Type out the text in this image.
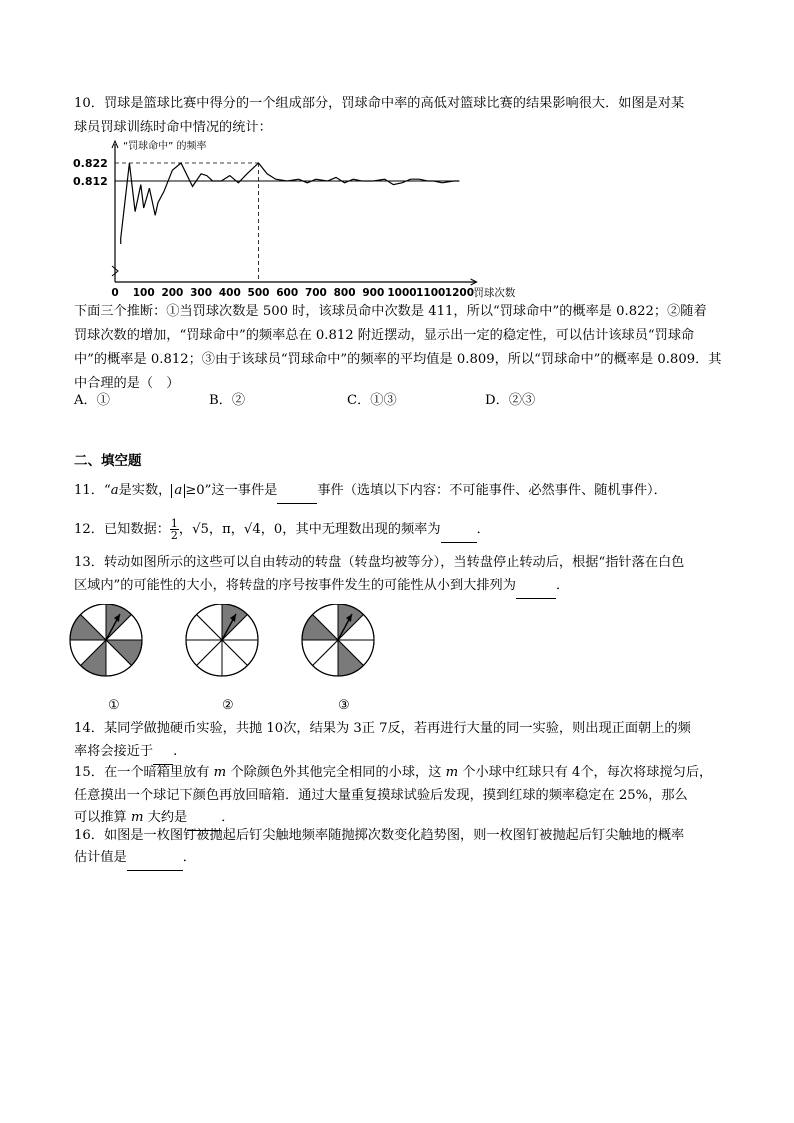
10．罚球是篮球比赛中得分的一个组成部分，罚球命中率的高低对篮球比赛的结果影响很大．如图是对某

球员罚球训练时命中情况的统计：

“罚球命中” 的频率
0.822
0.812
0 100 200 300 400 500 600 700 800 900 1000 1100 1200 罚球次数

下面三个推断：①当罚球次数是 500 时，该球员命中次数是 411，所以“罚球命中”的概率是 0.822；②随着

罚球次数的增加，“罚球命中”的频率总在 0.812 附近摆动，显示出一定的稳定性，可以估计该球员“罚球命

中”的概率是 0.812；③由于该球员“罚球命中”的频率的平均值是 0.809，所以“罚球命中”的概率是 0.809．其

中合理的是（　）

A．①	B．②	C．①③	D．②③
二、填空题

11．“a是实数， a ≥0”这一事件是	事件（选填以下内容：不可能事件、必然事件、随机事件）．

12．已知数据： $\frac{1}{2}$ ，√5，π，√4，0，其中无理数出现的频率为	．

13．转动如图所示的这些可以自由转动的转盘（转盘均被等分），当转盘停止转动后，根据“指针落在白色

区域内”的可能性的大小，将转盘的序号按事件发生的可能性从小到大排列为	．

①	②	③

14．某同学做抛硬币实验，共抛 10次，结果为 3正 7反，若再进行大量的同一实验，则出现正面朝上的频

率将会接近于 .

15．在一个暗箱里放有 m 个除颜色外其他完全相同的小球，这 m 个小球中红球只有 4个，每次将球搅匀后，

任意摸出一个球记下颜色再放回暗箱．通过大量重复摸球试验后发现，摸到红球的频率稳定在 25%，那么

可以推算 m 大约是	．

16．如图是一枚图钉被抛起后钉尖触地频率随抛掷次数变化趋势图，则一枚图钉被抛起后钉尖触地的概率

估计值是	．
